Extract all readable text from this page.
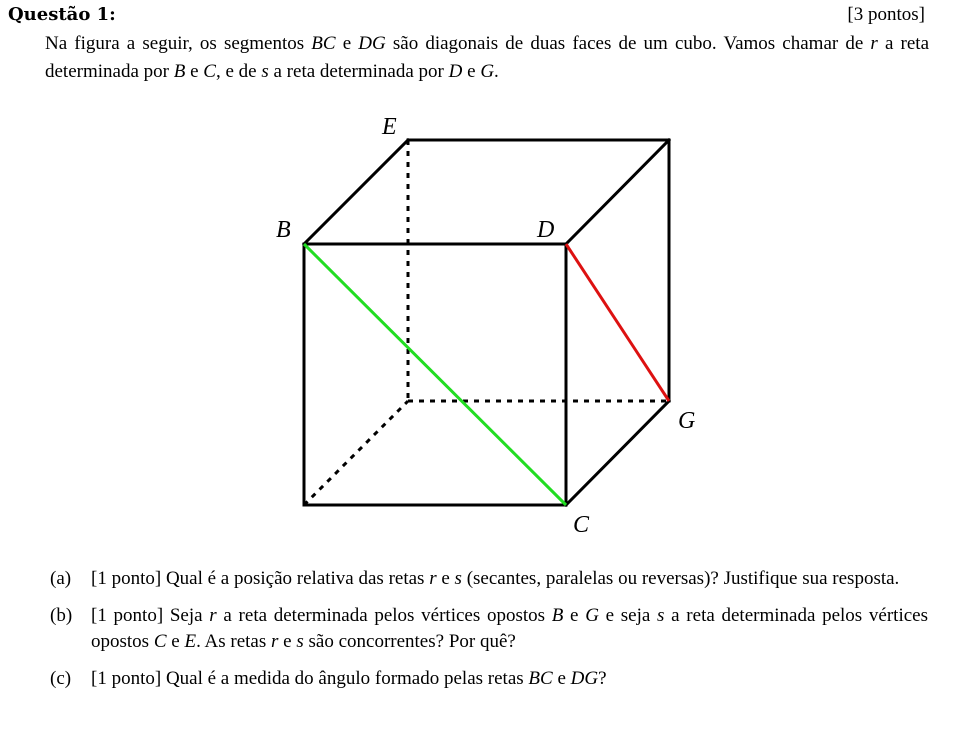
Questão 1:	[3 pontos]
Na figura a seguir, os segmentos BC e DG são diagonais de duas faces de um cubo. Vamos chamar de r a reta determinada por B e C, e de s a reta determinada por D e G.
E
B	D
G
C
(a) [1 ponto] Qual é a posição relativa das retas r e s (secantes, paralelas ou reversas)? Justifique sua resposta.
(b) [1 ponto] Seja r a reta determinada pelos vértices opostos B e G e seja s a reta determinada pelos vértices opostos C e E. As retas r e s são concorrentes? Por quê?
(c) [1 ponto] Qual é a medida do ângulo formado pelas retas BC e DG?
